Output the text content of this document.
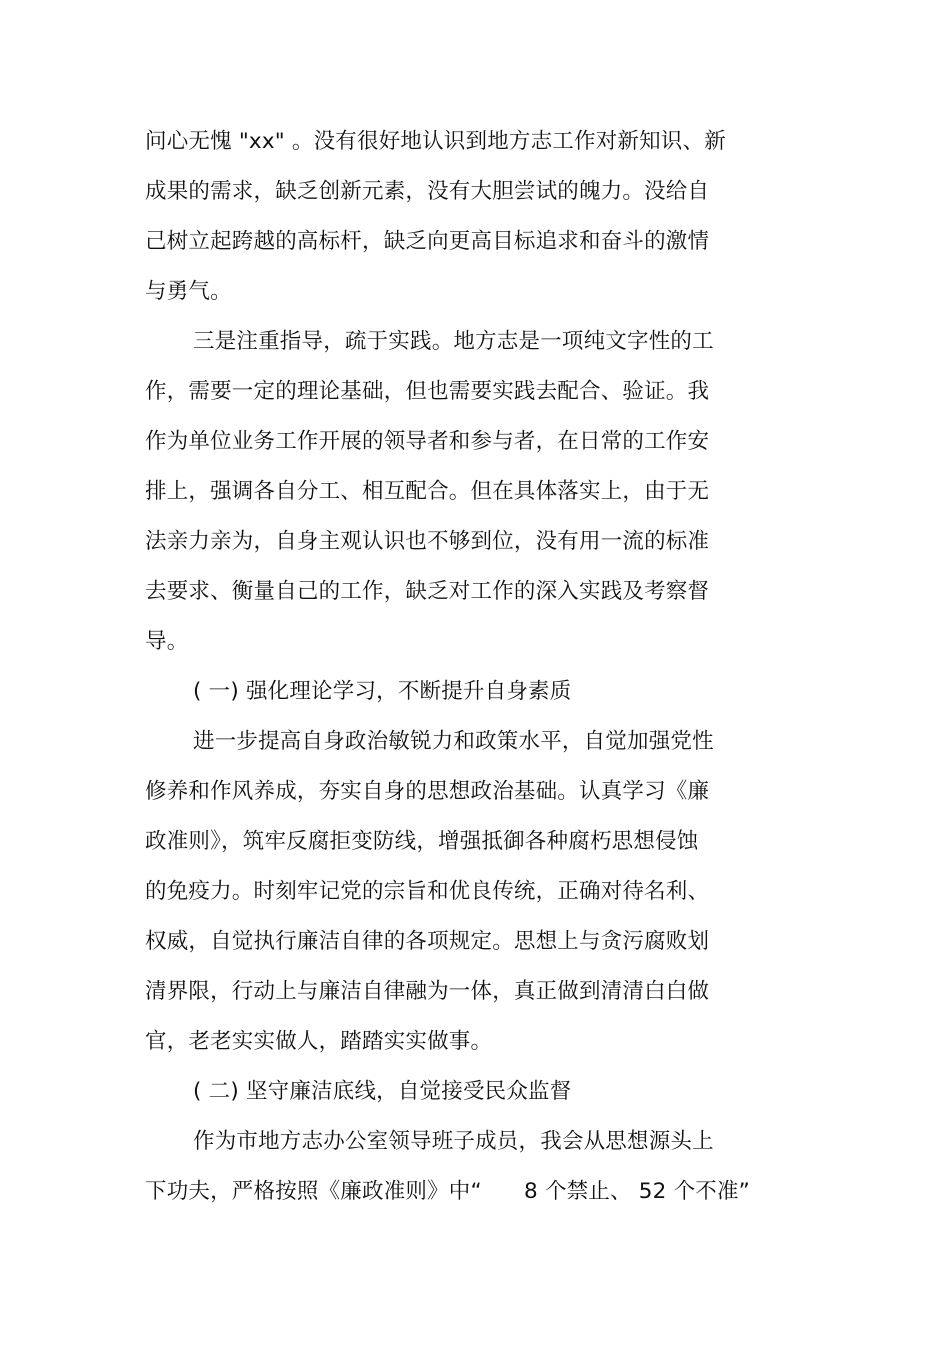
问心无愧 "xx" 。没有很好地认识到地方志工作对新知识、新
成果的需求，缺乏创新元素，没有大胆尝试的魄力。没给自
己树立起跨越的高标杆，缺乏向更高目标追求和奋斗的激情
与勇气。
三是注重指导，疏于实践。地方志是一项纯文字性的工
作，需要一定的理论基础，但也需要实践去配合、验证。我
作为单位业务工作开展的领导者和参与者，在日常的工作安
排上，强调各自分工、相互配合。但在具体落实上，由于无
法亲力亲为，自身主观认识也不够到位，没有用一流的标准
去要求、衡量自己的工作，缺乏对工作的深入实践及考察督
导。
( 一) 强化理论学习，不断提升自身素质
进一步提高自身政治敏锐力和政策水平，自觉加强党性
修养和作风养成，夯实自身的思想政治基础。认真学习《廉
政准则》，筑牢反腐拒变防线，增强抵御各种腐朽思想侵蚀
的免疫力。时刻牢记党的宗旨和优良传统，正确对待名利、
权威，自觉执行廉洁自律的各项规定。思想上与贪污腐败划
清界限，行动上与廉洁自律融为一体，真正做到清清白白做
官，老老实实做人，踏踏实实做事。
( 二) 坚守廉洁底线，自觉接受民众监督
作为市地方志办公室领导班子成员，我会从思想源头上
下功夫，严格按照《廉政准则》中“      8 个禁止、 52 个不准”
